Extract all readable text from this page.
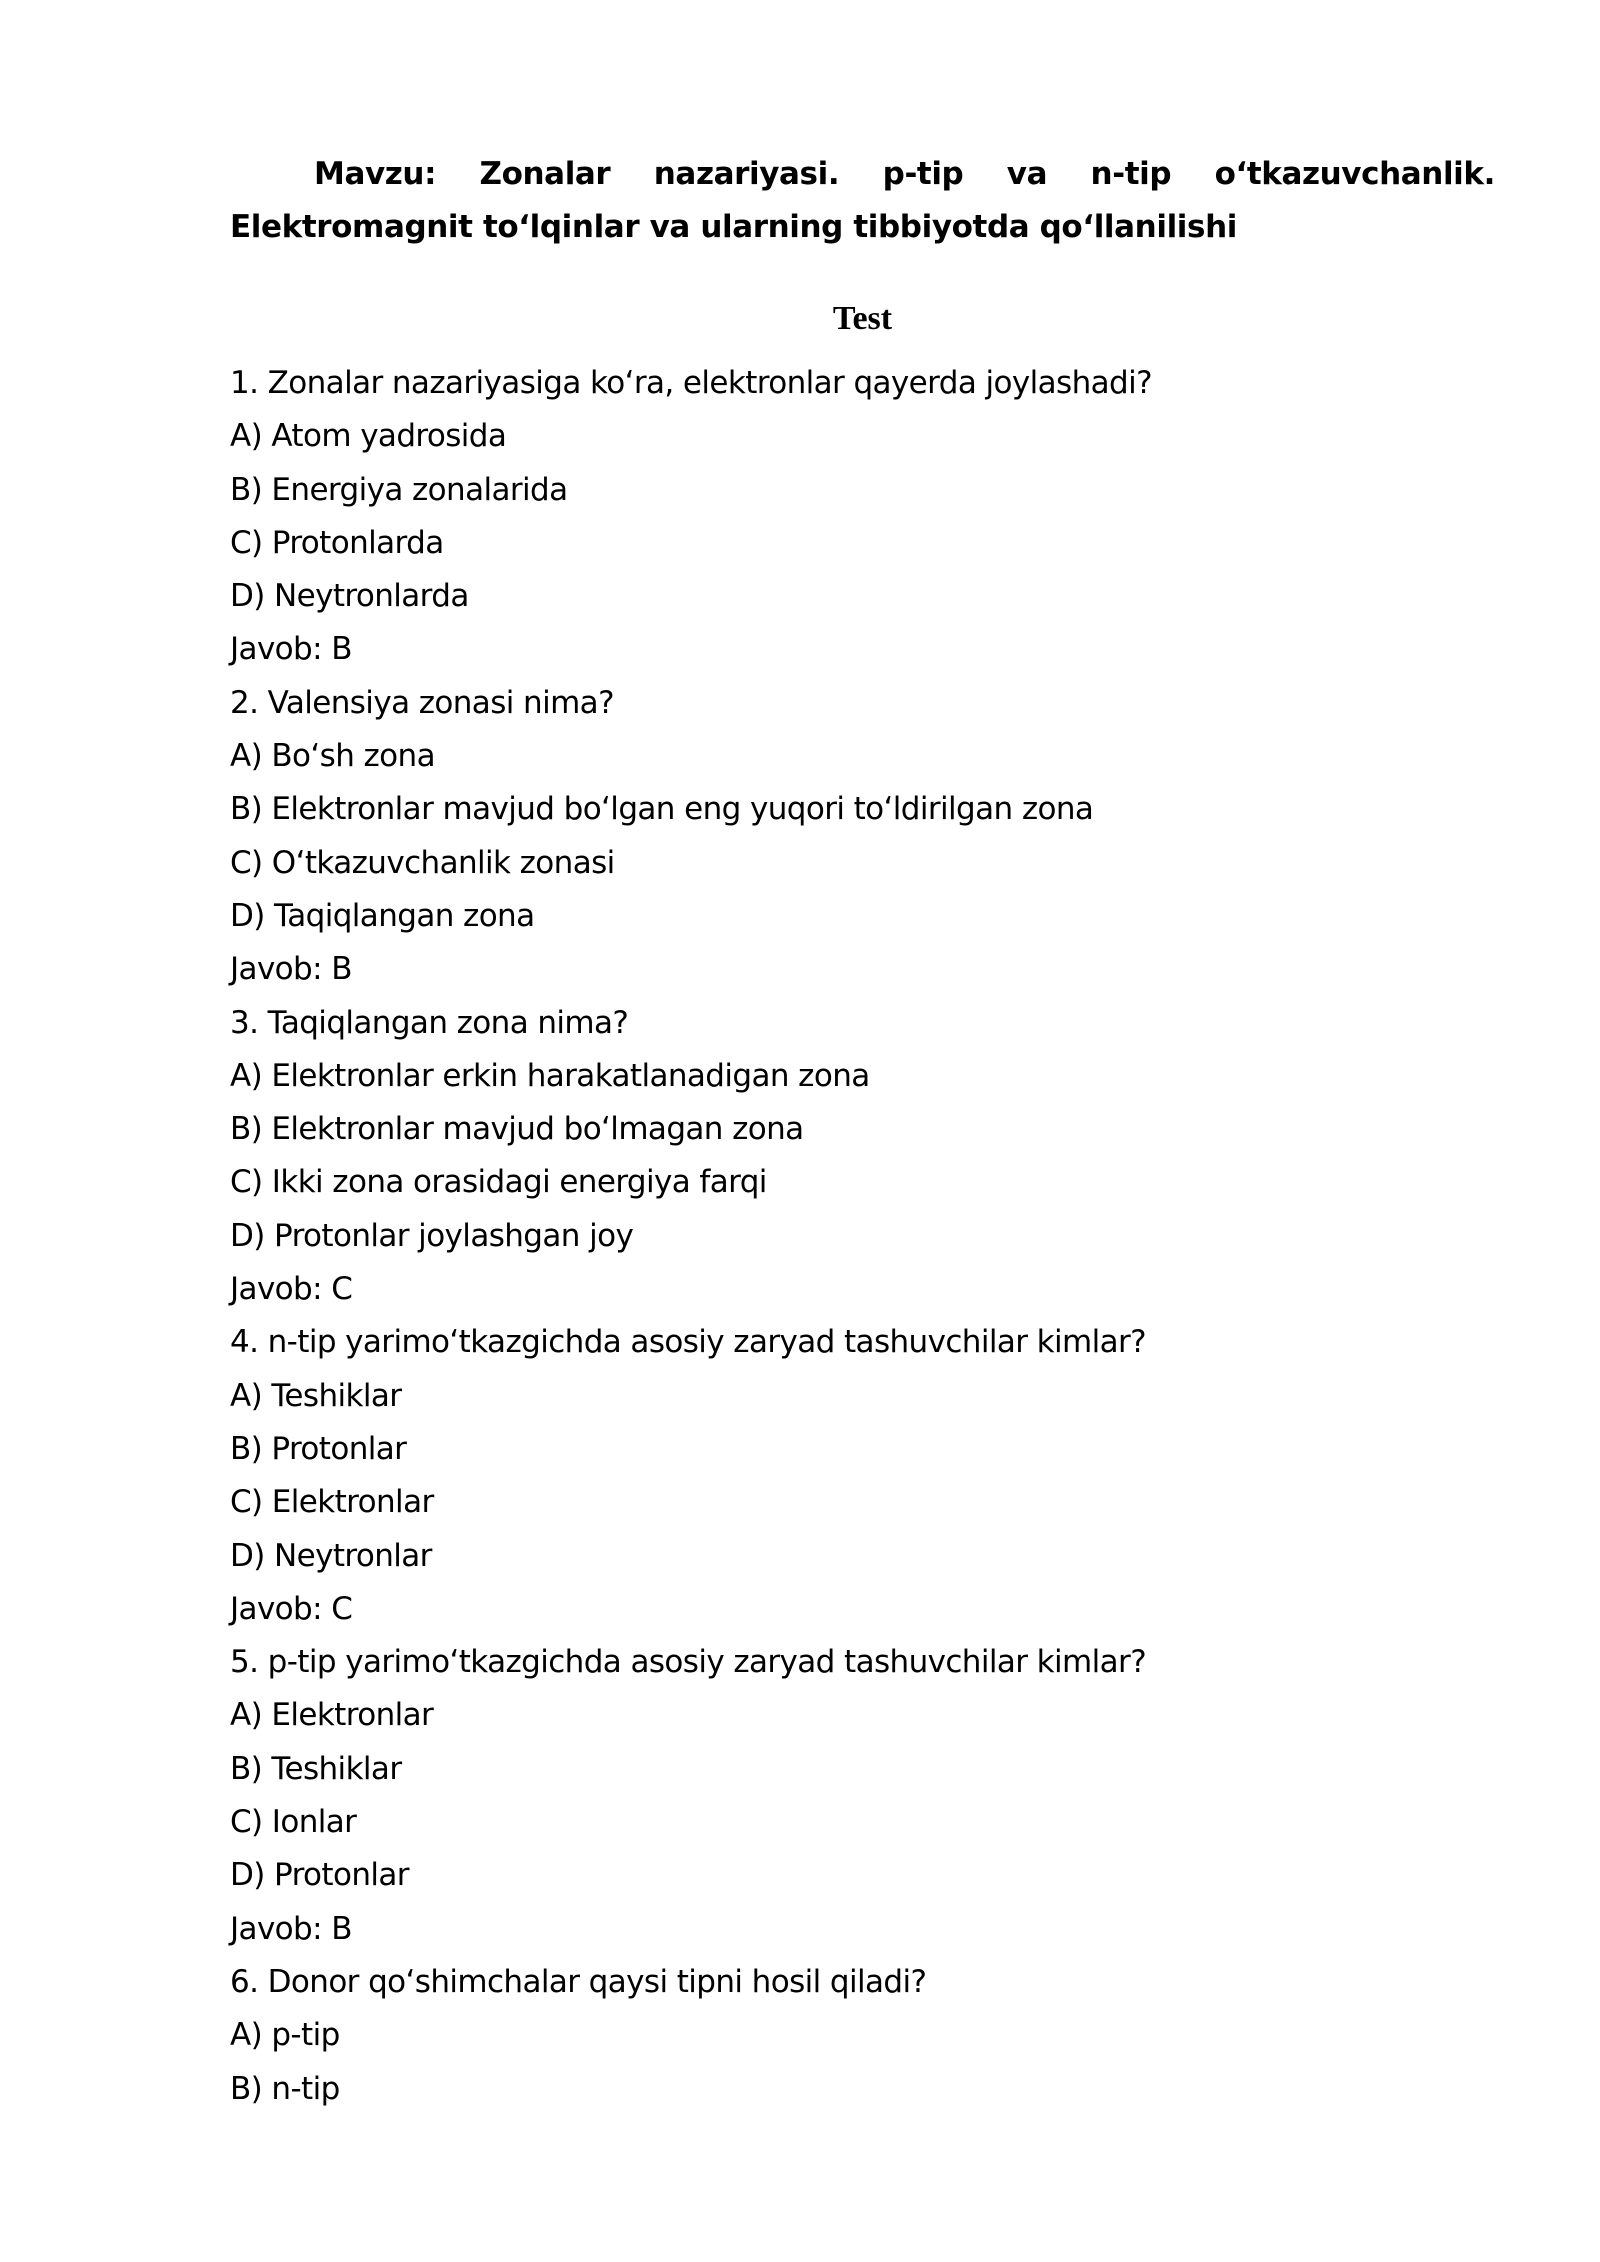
Mavzu: Zonalar nazariyasi. p-tip va n-tip o‘tkazuvchanlik. Elektromagnit to‘lqinlar va ularning tibbiyotda qo‘llanilishi

Test

1. Zonalar nazariyasiga ko‘ra, elektronlar qayerda joylashadi?
A) Atom yadrosida
B) Energiya zonalarida
C) Protonlarda
D) Neytronlarda
Javob: B
2. Valensiya zonasi nima?
A) Bo‘sh zona
B) Elektronlar mavjud bo‘lgan eng yuqori to‘ldirilgan zona
C) O‘tkazuvchanlik zonasi
D) Taqiqlangan zona
Javob: B
3. Taqiqlangan zona nima?
A) Elektronlar erkin harakatlanadigan zona
B) Elektronlar mavjud bo‘lmagan zona
C) Ikki zona orasidagi energiya farqi
D) Protonlar joylashgan joy
Javob: C
4. n-tip yarimo‘tkazgichda asosiy zaryad tashuvchilar kimlar?
A) Teshiklar
B) Protonlar
C) Elektronlar
D) Neytronlar
Javob: C
5. p-tip yarimo‘tkazgichda asosiy zaryad tashuvchilar kimlar?
A) Elektronlar
B) Teshiklar
C) Ionlar
D) Protonlar
Javob: B
6. Donor qo‘shimchalar qaysi tipni hosil qiladi?
A) p-tip
B) n-tip
